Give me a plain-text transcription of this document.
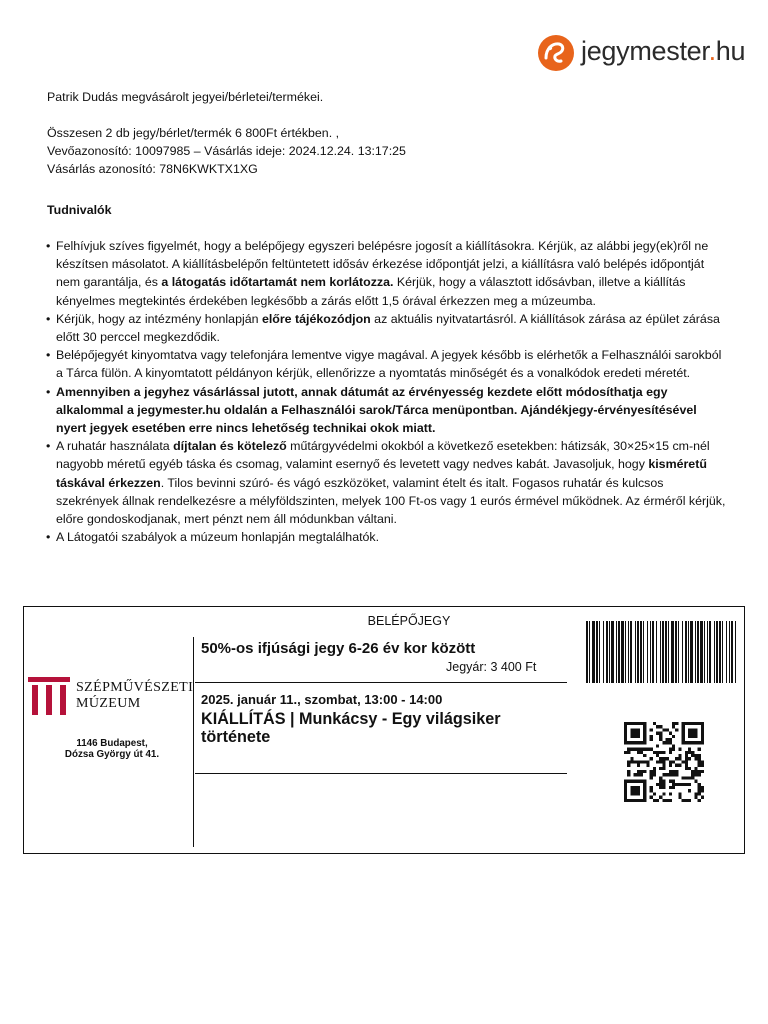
jegymester.hu
Patrik Dudás megvásárolt jegyei/bérletei/termékei.
Összesen 2 db jegy/bérlet/termék 6 800Ft értékben. ,
Vevőazonosító: 10097985 – Vásárlás ideje: 2024.12.24. 13:17:25
Vásárlás azonosító: 78N6KWKTX1XG
Tudnivalók
• Felhívjuk szíves figyelmét, hogy a belépőjegy egyszeri belépésre jogosít a kiállításokra. Kérjük, az alábbi jegy(ek)ről ne készítsen másolatot. A kiállításbelépőn feltüntetett idősáv érkezése időpontját jelzi, a kiállításra való belépés időpontját nem garantálja, és a látogatás időtartamát nem korlátozza. Kérjük, hogy a választott idősávban, illetve a kiállítás kényelmes megtekintés érdekében legkésőbb a zárás előtt 1,5 órával érkezzen meg a múzeumba.
• Kérjük, hogy az intézmény honlapján előre tájékozódjon az aktuális nyitvatartásról. A kiállítások zárása az épület zárása előtt 30 perccel megkezdődik.
• Belépőjegyét kinyomtatva vagy telefonjára lementve vigye magával. A jegyek később is elérhetők a Felhasználói sarokból a Tárca fülön. A kinyomtatott példányon kérjük, ellenőrizze a nyomtatás minőségét és a vonalkódok eredeti méretét.
• Amennyiben a jegyhez vásárlással jutott, annak dátumát az érvényesség kezdete előtt módosíthatja egy alkalommal a jegymester.hu oldalán a Felhasználói sarok/Tárca menüpontban. Ajándékjegy-érvényesítésével nyert jegyek esetében erre nincs lehetőség technikai okok miatt.
• A ruhatár használata díjtalan és kötelező műtárgyvédelmi okokból a következő esetekben: hátizsák, 30×25×15 cm-nél nagyobb méretű egyéb táska és csomag, valamint esernyő és levetett vagy nedves kabát. Javasoljuk, hogy kisméretű táskával érkezzen. Tilos bevinni szúró- és vágó eszközöket, valamint ételt és italt. Fogasos ruhatár és kulcsos szekrények állnak rendelkezésre a mélyföldszinten, melyek 100 Ft-os vagy 1 eurós érmével működnek. Az érméről kérjük, előre gondoskodjanak, mert pénzt nem áll módunkban váltani.
• A Látogatói szabályok a múzeum honlapján megtalálhatók.
BELÉPŐJEGY
SZÉPMŰVÉSZETI
MÚZEUM
1146 Budapest,
Dózsa György út 41.
50%-os ifjúsági jegy 6-26 év kor között
Jegyár: 3 400 Ft
2025. január 11., szombat, 13:00 - 14:00
KIÁLLÍTÁS | Munkácsy - Egy világsiker története
